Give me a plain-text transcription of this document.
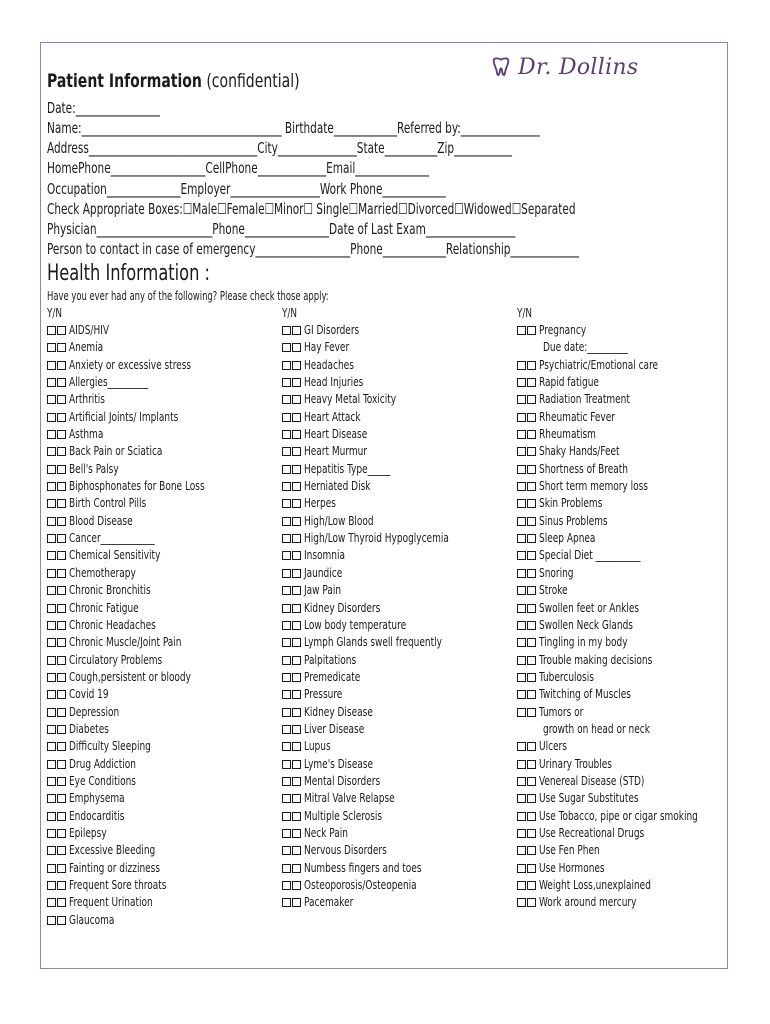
Dr. Dollins
Patient Information (confidential)
Date:________________
Name:______________________________________ Birthdate____________Referred by:_______________
Address________________________________City_______________State__________Zip___________
HomePhone__________________CellPhone_____________Email______________
Occupation______________Employer_________________Work Phone____________
Check Appropriate Boxes:☐Male☐Female☐Minor☐ Single☐Married☐Divorced☐Widowed☐Separated
Physician______________________Phone________________Date of Last Exam_________________
Person to contact in case of emergency__________________Phone____________Relationship_____________
Health Information :
Have you ever had any of the following? Please check those apply:
Y/N
AIDS/HIV
Anemia
Anxiety or excessive stress
Allergies_________
Arthritis
Artificial Joints/ Implants
Asthma
Back Pain or Sciatica
Bell's Palsy
Biphosphonates for Bone Loss
Birth Control Pills
Blood Disease
Cancer____________
Chemical Sensitivity
Chemotherapy
Chronic Bronchitis
Chronic Fatigue
Chronic Headaches
Chronic Muscle/Joint Pain
Circulatory Problems
Cough,persistent or bloody
Covid 19
Depression
Diabetes
Difficulty Sleeping
Drug Addiction
Eye Conditions
Emphysema
Endocarditis
Epilepsy
Excessive Bleeding
Fainting or dizziness
Frequent Sore throats
Frequent Urination
Glaucoma
Y/N
GI Disorders
Hay Fever
Headaches
Head Injuries
Heavy Metal Toxicity
Heart Attack
Heart Disease
Heart Murmur
Hepatitis Type_____
Herniated Disk
Herpes
High/Low Blood
High/Low Thyroid Hypoglycemia
Insomnia
Jaundice
Jaw Pain
Kidney Disorders
Low body temperature
Lymph Glands swell frequently
Palpitations
Premedicate
Pressure
Kidney Disease
Liver Disease
Lupus
Lyme's Disease
Mental Disorders
Mitral Valve Relapse
Multiple Sclerosis
Neck Pain
Nervous Disorders
Numbess fingers and toes
Osteoporosis/Osteopenia
Pacemaker
Y/N
Pregnancy
Due date:_________
Psychiatric/Emotional care
Rapid fatigue
Radiation Treatment
Rheumatic Fever
Rheumatism
Shaky Hands/Feet
Shortness of Breath
Short term memory loss
Skin Problems
Sinus Problems
Sleep Apnea
Special Diet __________
Snoring
Stroke
Swollen feet or Ankles
Swollen Neck Glands
Tingling in my body
Trouble making decisions
Tuberculosis
Twitching of Muscles
Tumors or
growth on head or neck
Ulcers
Urinary Troubles
Venereal Disease (STD)
Use Sugar Substitutes
Use Tobacco, pipe or cigar smoking
Use Recreational Drugs
Use Fen Phen
Use Hormones
Weight Loss,unexplained
Work around mercury
